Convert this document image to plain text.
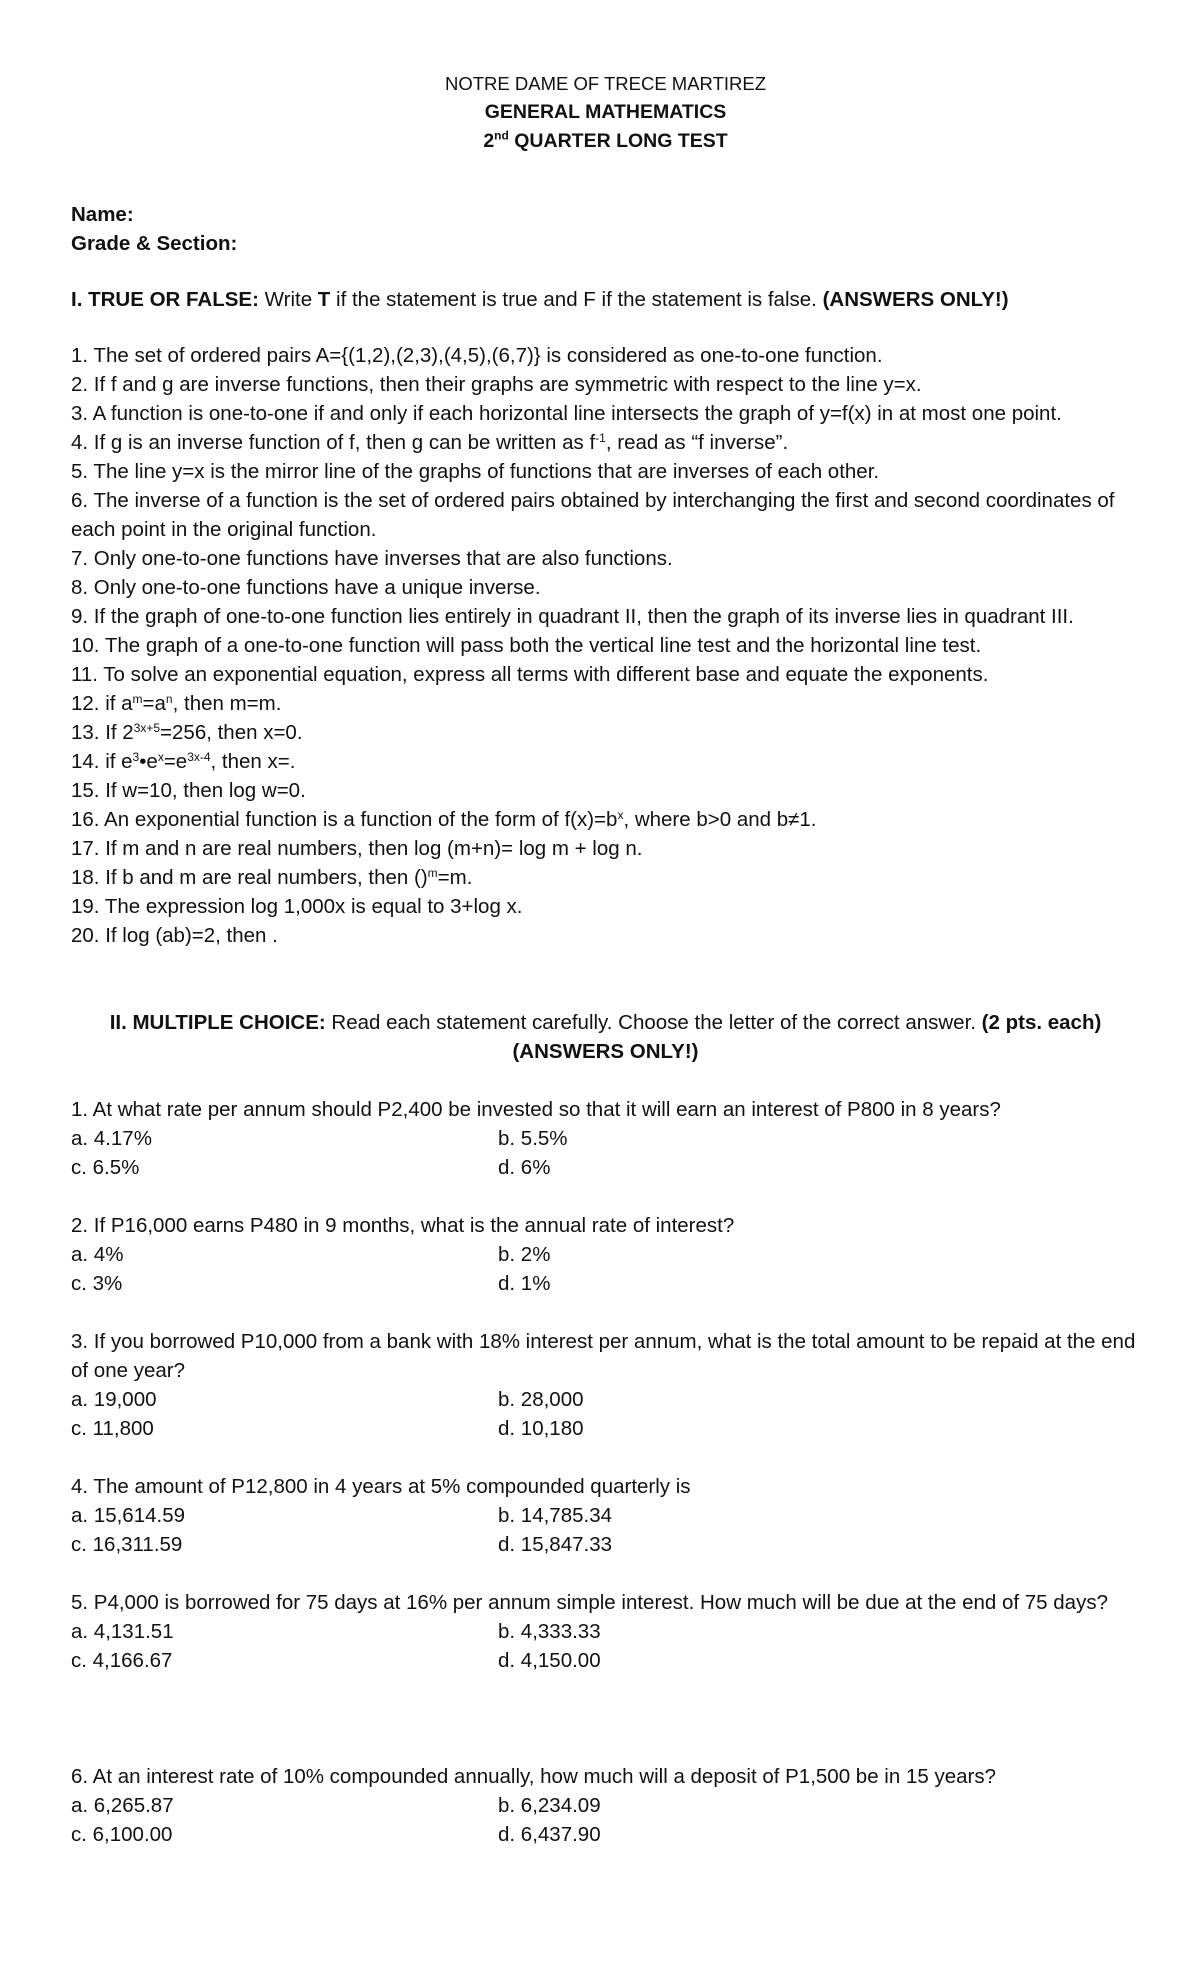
NOTRE DAME OF TRECE MARTIREZ
GENERAL MATHEMATICS
2nd QUARTER LONG TEST
Name:
Grade & Section:
I. TRUE OR FALSE: Write T if the statement is true and F if the statement is false. (ANSWERS ONLY!)
1. The set of ordered pairs A={(1,2),(2,3),(4,5),(6,7)} is considered as one-to-one function.
2. If f and g are inverse functions, then their graphs are symmetric with respect to the line y=x.
3. A function is one-to-one if and only if each horizontal line intersects the graph of y=f(x) in at most one point.
4. If g is an inverse function of f, then g can be written as $f^{-1}$, read as “f inverse”.
5. The line y=x is the mirror line of the graphs of functions that are inverses of each other.
6. The inverse of a function is the set of ordered pairs obtained by interchanging the first and second coordinates of each point in the original function.
7. Only one-to-one functions have inverses that are also functions.
8. Only one-to-one functions have a unique inverse.
9. If the graph of one-to-one function lies entirely in quadrant II, then the graph of its inverse lies in quadrant III.
10. The graph of a one-to-one function will pass both the vertical line test and the horizontal line test.
11. To solve an exponential equation, express all terms with different base and equate the exponents.
12. if $a^m=a^n$, then m=m.
13. If $2^{3x+5}=256$, then x=0.
14. if $e^3•e^x=e^{3x-4}$, then x=.
15. If w=10, then log w=0.
16. An exponential function is a function of the form of $f(x)=b^x$, where b>0 and b≠1.
17. If m and n are real numbers, then log (m+n)= log m + log n.
18. If b and m are real numbers, then ()$^m$=m.
19. The expression log 1,000x is equal to 3+log x.
20. If log (ab)=2, then .
II. MULTIPLE CHOICE: Read each statement carefully. Choose the letter of the correct answer. (2 pts. each)
(ANSWERS ONLY!)
1. At what rate per annum should P2,400 be invested so that it will earn an interest of P800 in 8 years?
a. 4.17%	b. 5.5%
c. 6.5%	d. 6%
2. If P16,000 earns P480 in 9 months, what is the annual rate of interest?
a. 4%	b. 2%
c. 3%	d. 1%
3. If you borrowed P10,000 from a bank with 18% interest per annum, what is the total amount to be repaid at the end of one year?
a. 19,000	b. 28,000
c. 11,800	d. 10,180
4. The amount of P12,800 in 4 years at 5% compounded quarterly is
a. 15,614.59	b. 14,785.34
c. 16,311.59	d. 15,847.33
5. P4,000 is borrowed for 75 days at 16% per annum simple interest. How much will be due at the end of 75 days?
a. 4,131.51	b. 4,333.33
c. 4,166.67	d. 4,150.00
6. At an interest rate of 10% compounded annually, how much will a deposit of P1,500 be in 15 years?
a. 6,265.87	b. 6,234.09
c. 6,100.00	d. 6,437.90
